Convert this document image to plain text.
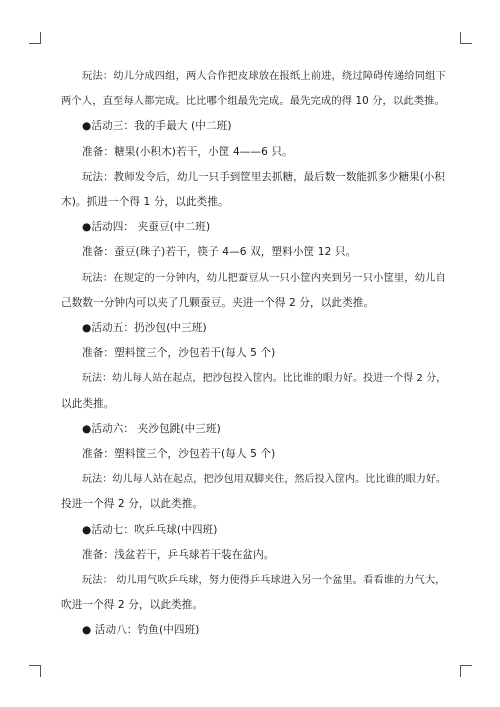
玩法：幼儿分成四组，两人合作把皮球放在报纸上前进，绕过障碍传递给同组下

两个人，直至每人都完成。比比哪个组最先完成。最先完成的得 10 分，以此类推。

●活动三：我的手最大 (中二班)

准备：糖果(小积木)若干，小筐 4——6 只。

玩法：教师发令后，幼儿一只手到筐里去抓糖，最后数一数能抓多少糖果(小积

木)。抓进一个得 1 分，以此类推。

●活动四： 夹蚕豆(中二班)

准备：蚕豆(珠子)若干，筷子 4—6 双，塑料小筐 12 只。

玩法：在规定的一分钟内，幼儿把蚕豆从一只小筐内夹到另一只小筐里，幼儿自

己数数一分钟内可以夹了几颗蚕豆。夹进一个得 2 分，以此类推。

●活动五：扔沙包(中三班)

准备：塑料筐三个，沙包若干(每人 5 个)

玩法：幼儿每人站在起点，把沙包投入筐内。比比谁的眼力好。投进一个得 2 分，

以此类推。

●活动六： 夹沙包跳(中三班)

准备：塑料筐三个，沙包若干(每人 5 个)

玩法：幼儿每人站在起点，把沙包用双脚夹住，然后投入筐内。比比谁的眼力好。

投进一个得 2 分，以此类推。

●活动七：吹乒乓球(中四班)

准备：浅盆若干，乒乓球若干装在盆内。

玩法： 幼儿用气吹乒乓球，努力使得乒乓球进入另一个盆里。看看谁的力气大，

吹进一个得 2 分，以此类推。

● 活动八：钓鱼(中四班)
